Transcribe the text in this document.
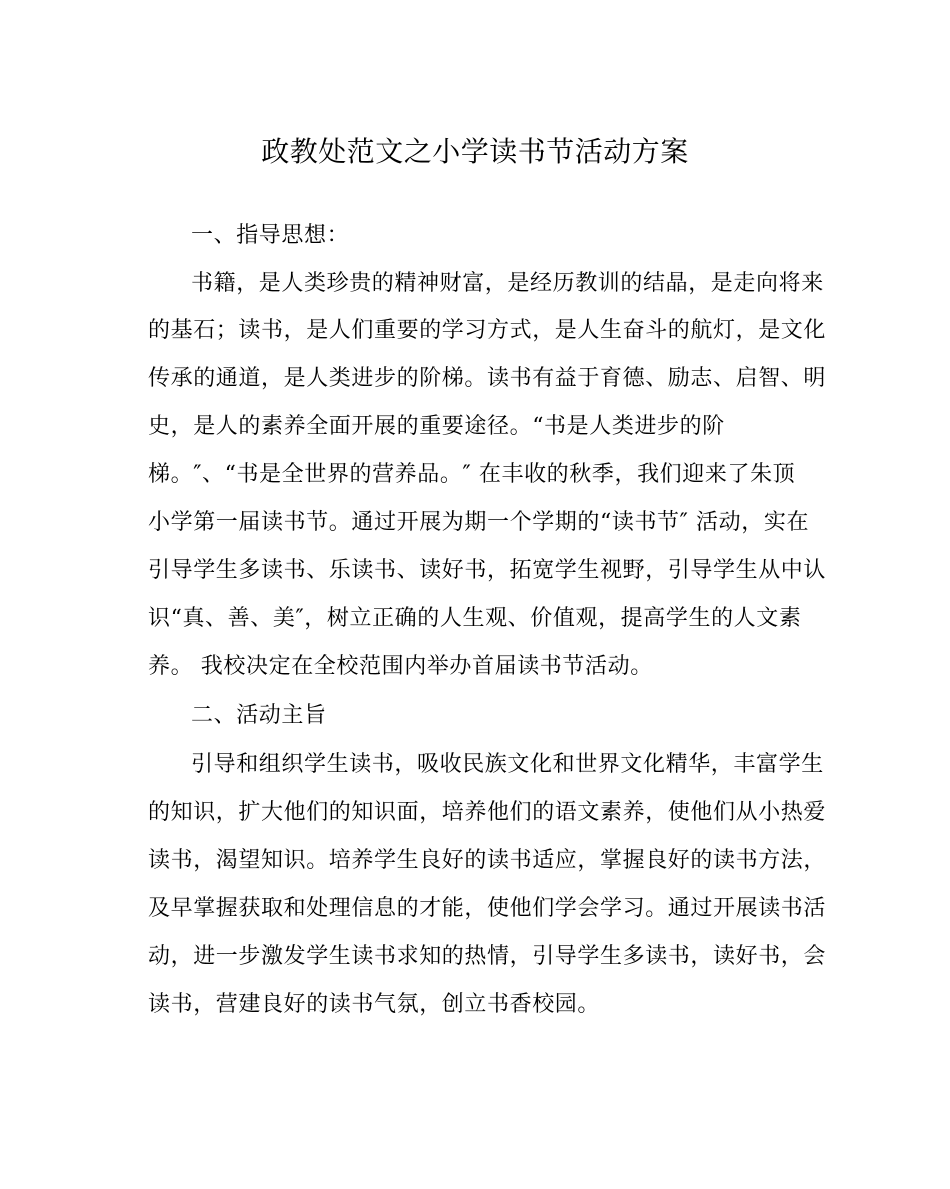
政教处范文之小学读书节活动方案
一、指导思想：
书籍，是人类珍贵的精神财富，是经历教训的结晶，是走向将来
的基石；读书，是人们重要的学习方式，是人生奋斗的航灯，是文化
传承的通道，是人类进步的阶梯。读书有益于育德、励志、启智、明
史，是人的素养全面开展的重要途径。“书是人类进步的阶
梯。″、“书是全世界的营养品。″ 在丰收的秋季，我们迎来了朱顶
小学第一届读书节。通过开展为期一个学期的“读书节″ 活动，实在
引导学生多读书、乐读书、读好书，拓宽学生视野，引导学生从中认
识“真、善、美″，树立正确的人生观、价值观，提高学生的人文素
养。 我校决定在全校范围内举办首届读书节活动。
二、活动主旨
引导和组织学生读书，吸收民族文化和世界文化精华，丰富学生
的知识，扩大他们的知识面，培养他们的语文素养，使他们从小热爱
读书，渴望知识。培养学生良好的读书适应，掌握良好的读书方法，
及早掌握获取和处理信息的才能，使他们学会学习。通过开展读书活
动，进一步激发学生读书求知的热情，引导学生多读书，读好书，会
读书，营建良好的读书气氛，创立书香校园。
